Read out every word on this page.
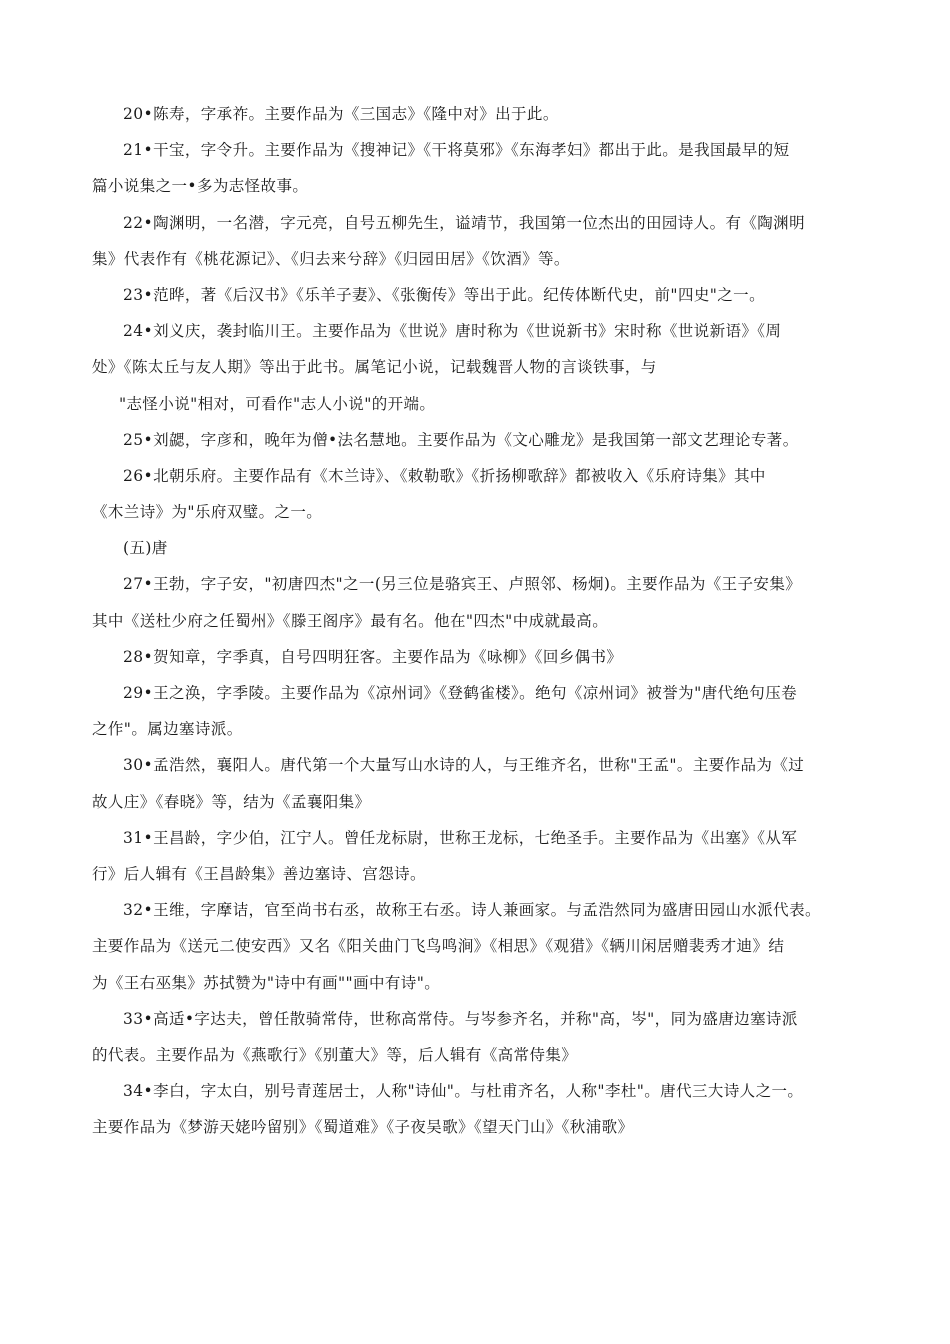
20•陈寿，字承祚。主要作品为《三国志》《隆中对》出于此。
21•干宝，字令升。主要作品为《搜神记》《干将莫邪》《东海孝妇》都出于此。是我国最早的短
篇小说集之一•多为志怪故事。
22•陶渊明，一名潜，字元亮，自号五柳先生，谥靖节，我国第一位杰出的田园诗人。有《陶渊明
集》代表作有《桃花源记》、《归去来兮辞》《归园田居》《饮酒》等。
23•范晔，著《后汉书》《乐羊子妻》、《张衡传》等出于此。纪传体断代史，前"四史"之一。
24•刘义庆，袭封临川王。主要作品为《世说》唐时称为《世说新书》宋时称《世说新语》《周
处》《陈太丘与友人期》等出于此书。属笔记小说，记载魏晋人物的言谈铁事，与
"志怪小说"相对，可看作"志人小说"的开端。
25•刘勰，字彦和，晚年为僧•法名慧地。主要作品为《文心雕龙》是我国第一部文艺理论专著。
26•北朝乐府。主要作品有《木兰诗》、《敕勒歌》《折扬柳歌辞》都被收入《乐府诗集》其中
《木兰诗》为"乐府双璧。之一。
(五)唐
27•王勃，字子安，"初唐四杰"之一(另三位是骆宾王、卢照邻、杨炯)。主要作品为《王子安集》
其中《送杜少府之任蜀州》《滕王阁序》最有名。他在"四杰"中成就最高。
28•贺知章，字季真，自号四明狂客。主要作品为《咏柳》《回乡偶书》
29•王之涣，字季陵。主要作品为《凉州词》《登鹤雀楼》。绝句《凉州词》被誉为"唐代绝句压卷
之作"。属边塞诗派。
30•孟浩然，襄阳人。唐代第一个大量写山水诗的人，与王维齐名，世称"王孟"。主要作品为《过
故人庄》《春晓》等，结为《孟襄阳集》
31•王昌龄，字少伯，江宁人。曾任龙标尉，世称王龙标，七绝圣手。主要作品为《出塞》《从军
行》后人辑有《王昌龄集》善边塞诗、宫怨诗。
32•王维，字摩诘，官至尚书右丞，故称王右丞。诗人兼画家。与孟浩然同为盛唐田园山水派代表。
主要作品为《送元二使安西》又名《阳关曲门飞鸟鸣涧》《相思》《观猎》《辆川闲居赠裴秀才迪》结
为《王右巫集》苏拭赞为"诗中有画""画中有诗"。
33•高适•字达夫，曾任散骑常侍，世称高常侍。与岑参齐名，并称"高，岑"，同为盛唐边塞诗派
的代表。主要作品为《燕歌行》《别董大》等，后人辑有《高常侍集》
34•李白，字太白，别号青莲居士，人称"诗仙"。与杜甫齐名，人称"李杜"。唐代三大诗人之一。
主要作品为《梦游天姥吟留别》《蜀道难》《子夜吴歌》《望天门山》《秋浦歌》
